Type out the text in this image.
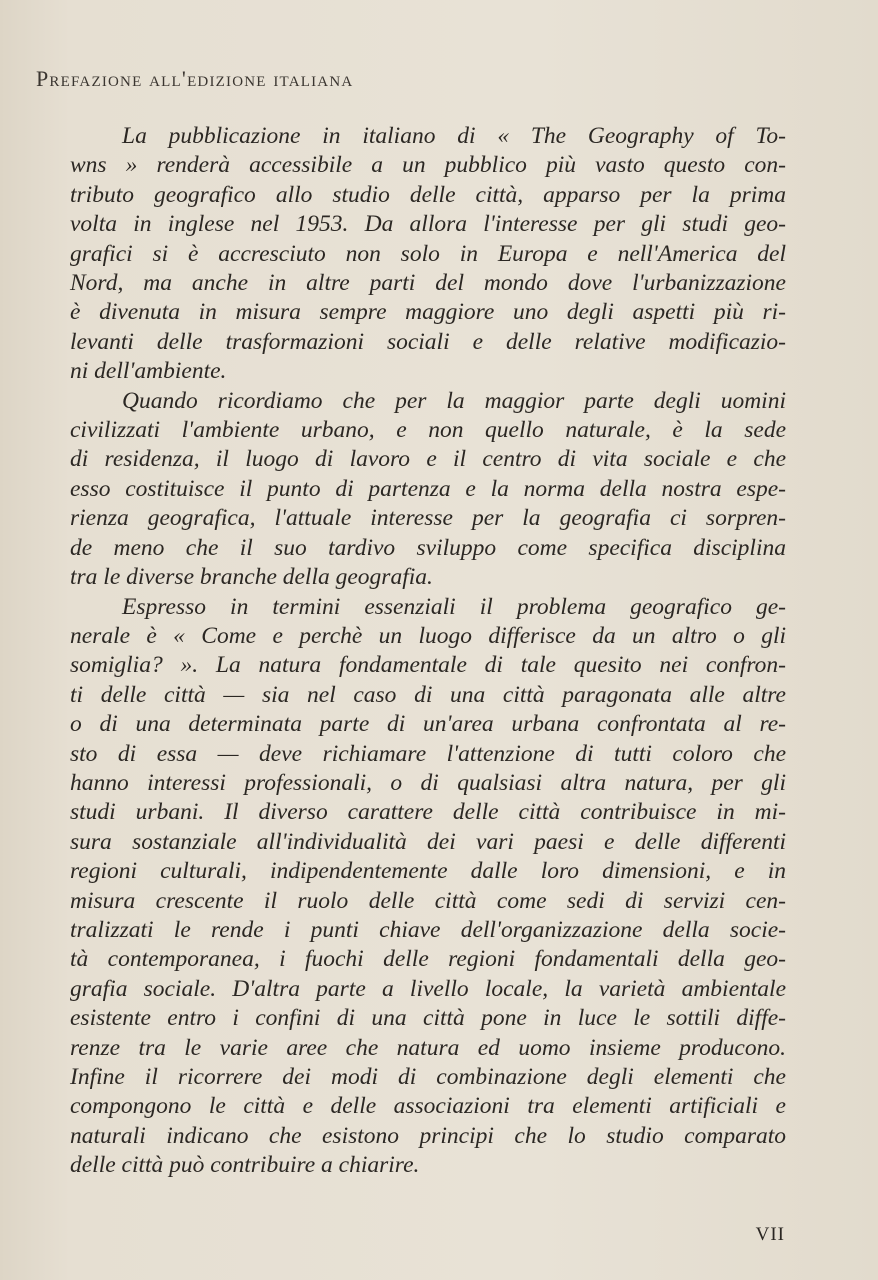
Prefazione all'edizione italiana
La pubblicazione in italiano di « The Geography of To-
wns » renderà accessibile a un pubblico più vasto questo con-
tributo geografico allo studio delle città, apparso per la prima
volta in inglese nel 1953. Da allora l'interesse per gli studi geo-
grafici si è accresciuto non solo in Europa e nell'America del
Nord, ma anche in altre parti del mondo dove l'urbanizzazione
è divenuta in misura sempre maggiore uno degli aspetti più ri-
levanti delle trasformazioni sociali e delle relative modificazio-
ni dell'ambiente.
Quando ricordiamo che per la maggior parte degli uomini
civilizzati l'ambiente urbano, e non quello naturale, è la sede
di residenza, il luogo di lavoro e il centro di vita sociale e che
esso costituisce il punto di partenza e la norma della nostra espe-
rienza geografica, l'attuale interesse per la geografia ci sorpren-
de meno che il suo tardivo sviluppo come specifica disciplina
tra le diverse branche della geografia.
Espresso in termini essenziali il problema geografico ge-
nerale è « Come e perchè un luogo differisce da un altro o gli
somiglia? ». La natura fondamentale di tale quesito nei confron-
ti delle città — sia nel caso di una città paragonata alle altre
o di una determinata parte di un'area urbana confrontata al re-
sto di essa — deve richiamare l'attenzione di tutti coloro che
hanno interessi professionali, o di qualsiasi altra natura, per gli
studi urbani. Il diverso carattere delle città contribuisce in mi-
sura sostanziale all'individualità dei vari paesi e delle differenti
regioni culturali, indipendentemente dalle loro dimensioni, e in
misura crescente il ruolo delle città come sedi di servizi cen-
tralizzati le rende i punti chiave dell'organizzazione della socie-
tà contemporanea, i fuochi delle regioni fondamentali della geo-
grafia sociale. D'altra parte a livello locale, la varietà ambientale
esistente entro i confini di una città pone in luce le sottili diffe-
renze tra le varie aree che natura ed uomo insieme producono.
Infine il ricorrere dei modi di combinazione degli elementi che
compongono le città e delle associazioni tra elementi artificiali e
naturali indicano che esistono principi che lo studio comparato
delle città può contribuire a chiarire.
VII
